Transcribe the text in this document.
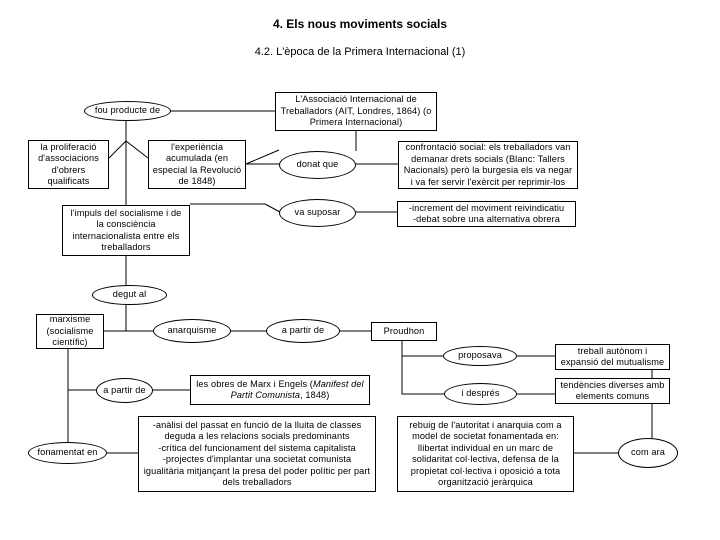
4. Els nous moviments socials
4.2. L'època de la Primera Internacional (1)
L'Associació Internacional de Treballadors (AIT, Londres, 1864) (o Primera Internacional)
fou producte de
la proliferació d'associacions d'obrers qualificats
l'experiència acumulada (en especial la Revolució de 1848)
donat que
confrontació social: els treballadors van demanar drets socials (Blanc: Tallers Nacionals) però la burgesia els va negar i va fer servir l'exèrcit per reprimir-los
l'impuls del socialisme i de la consciència internacionalista entre els treballadors
va suposar	-increment del moviment reivindicatiu
-debat sobre una alternativa obrera
degut al
marxisme (socialisme científic)
anarquisme	a partir de	Proudhon
proposava	treball autònom i expansió del mutualisme
a partir de
les obres de Marx i Engels (Manifest del Partit Comunista, 1848)	i després
tendències diverses amb elements comuns
fonamentat en
-anàlisi del passat en funció de la lluita de classes deguda a les relacions socials predominants
-crítica del funcionament del sistema capitalista
-projectes d'implantar una societat comunista igualitària mitjançant la presa del poder polític per part dels treballadors
rebuig de l'autoritat i anarquia com a model de societat fonamentada en: llibertat individual en un marc de solidaritat col·lectiva, defensa de la propietat col·lectiva i oposició a tota organització jeràrquica
com ara
